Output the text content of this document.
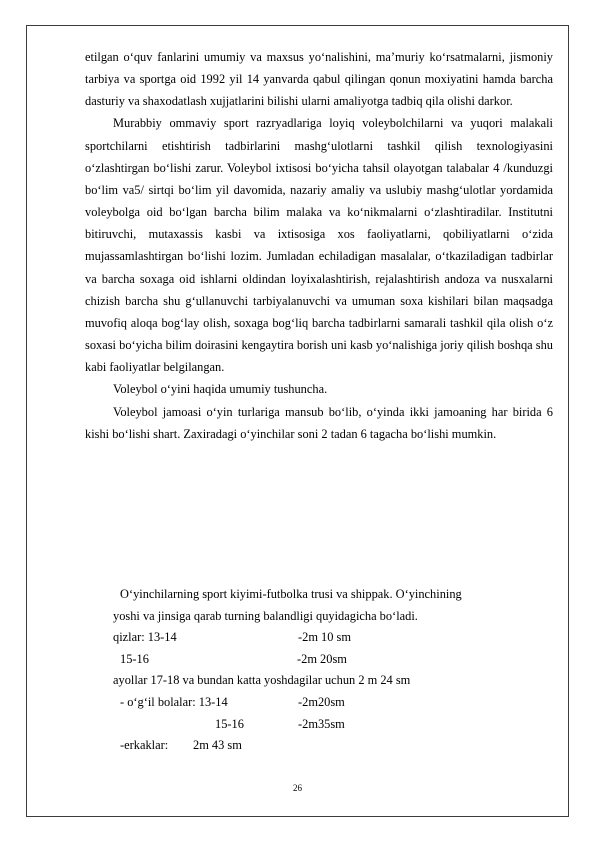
etilgan o‘quv fanlarini umumiy va maxsus yo‘nalishini, ma’muriy ko‘rsatmalarni, jismoniy tarbiya va sportga oid 1992 yil 14 yanvarda qabul qilingan qonun moxiyatini hamda barcha dasturiy va shaxodatlash xujjatlarini bilishi ularni amaliyotga tadbiq qila olishi darkor.

Murabbiy ommaviy sport razryadlariga loyiq voleybolchilarni va yuqori malakali sportchilarni etishtirish tadbirlarini mashg‘ulotlarni tashkil qilish texnologiyasini o‘zlashtirgan bo‘lishi zarur. Voleybol ixtisosi bo‘yicha tahsil olayotgan talabalar 4 /kunduzgi bo‘lim va5/ sirtqi bo‘lim yil davomida, nazariy amaliy va uslubiy mashg‘ulotlar yordamida voleybolga oid bo‘lgan barcha bilim malaka va ko‘nikmalarni o‘zlashtiradilar. Institutni bitiruvchi, mutaxassis kasbi va ixtisosiga xos faoliyatlarni, qobiliyatlarni o‘zida mujassamlashtirgan bo‘lishi lozim. Jumladan echiladigan masalalar, o‘tkaziladigan tadbirlar va barcha soxaga oid ishlarni oldindan loyixalashtirish, rejalashtirish andoza va nusxalarni chizish barcha shu g‘ullanuvchi tarbiyalanuvchi va umuman soxa kishilari bilan maqsadga muvofiq aloqa bog‘lay olish, soxaga bog‘liq barcha tadbirlarni samarali tashkil qila olish o‘z soxasi bo‘yicha bilim doirasini kengaytira borish uni kasb yo‘nalishiga joriy qilish boshqa shu kabi faoliyatlar belgilangan.

Voleybol o‘yini haqida umumiy tushuncha.

Voleybol jamoasi o‘yin turlariga mansub bo‘lib, o‘yinda ikki jamoaning har birida 6 kishi bo‘lishi shart. Zaxiradagi o‘yinchilar soni 2 tadan 6 tagacha bo‘lishi mumkin.

O‘yinchilarning sport kiyimi-futbolka trusi va shippak. O‘yinchining
yoshi va jinsiga qarab turning balandligi quyidagicha bo‘ladi.
qizlar: 13-14	-2m 10 sm
15-16	-2m 20sm
ayollar 17-18 va bundan katta yoshdagilar uchun 2 m 24 sm
- o‘g‘il bolalar: 13-14	-2m20sm
15-16	-2m35sm
-erkaklar: 2m 43 sm
26
